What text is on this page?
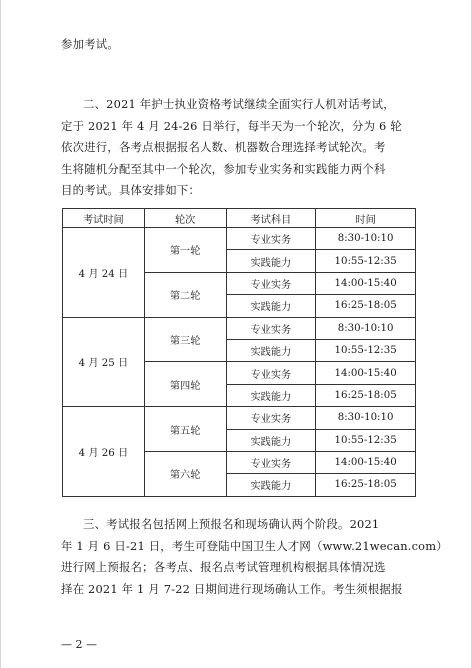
参加考试。
二、2021 年护士执业资格考试继续全面实行人机对话考试，
定于 2021 年 4 月 24-26 日举行，每半天为一个轮次，分为 6 轮
依次进行，各考点根据报名人数、机器数合理选择考试轮次。考
生将随机分配至其中一个轮次，参加专业实务和实践能力两个科
目的考试。具体安排如下：
考试时间	轮次	考试科目	时间
4 月 24 日	第一轮	专业实务	8:30-10:10
		实践能力	10:55-12:35
	第二轮	专业实务	14:00-15:40
		实践能力	16:25-18:05
4 月 25 日	第三轮	专业实务	8:30-10:10
		实践能力	10:55-12:35
	第四轮	专业实务	14:00-15:40
		实践能力	16:25-18:05
4 月 26 日	第五轮	专业实务	8:30-10:10
		实践能力	10:55-12:35
	第六轮	专业实务	14:00-15:40
		实践能力	16:25-18:05
三、考试报名包括网上预报名和现场确认两个阶段。2021
年 1 月 6 日-21 日，考生可登陆中国卫生人才网（www.21wecan.com）
进行网上预报名；各考点、报名点考试管理机构根据具体情况选
择在 2021 年 1 月 7-22 日期间进行现场确认工作。考生须根据报
— 2 —
